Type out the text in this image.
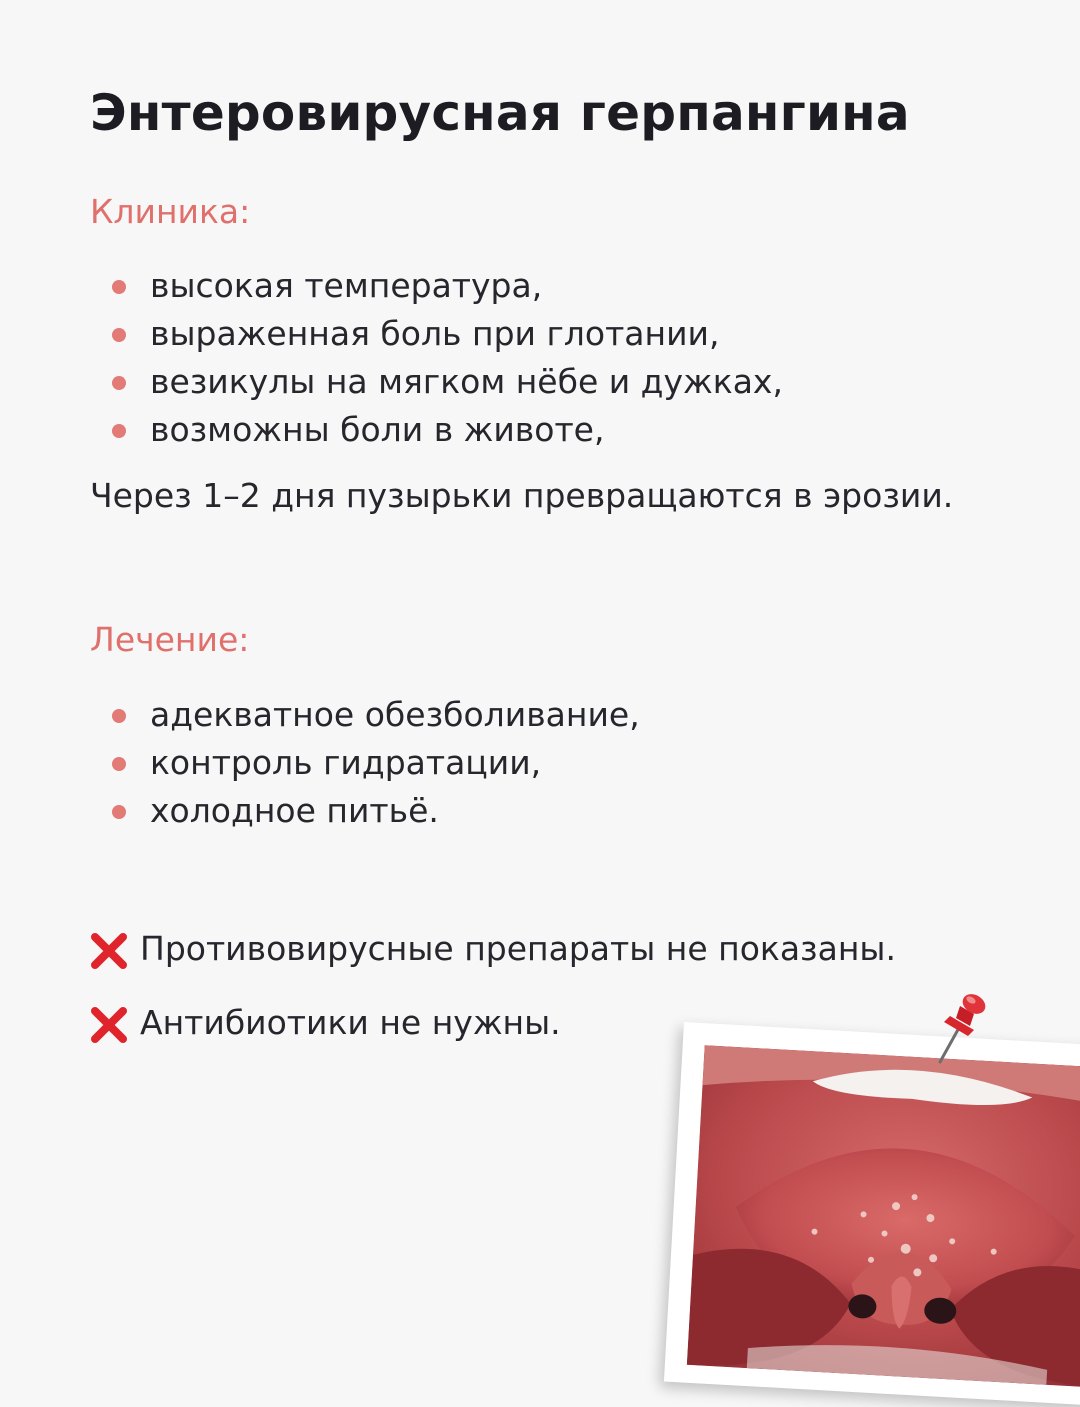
Энтеровирусная герпангина
Клиника:
высокая температура,
выраженная боль при глотании,
везикулы на мягком нёбе и дужках,
возможны боли в животе,

Через 1–2 дня пузырьки превращаются в эрозии.

Лечение:
адекватное обезболивание,
контроль гидратации,
холодное питьё.
Противовирусные препараты не показаны.
Антибиотики не нужны.
